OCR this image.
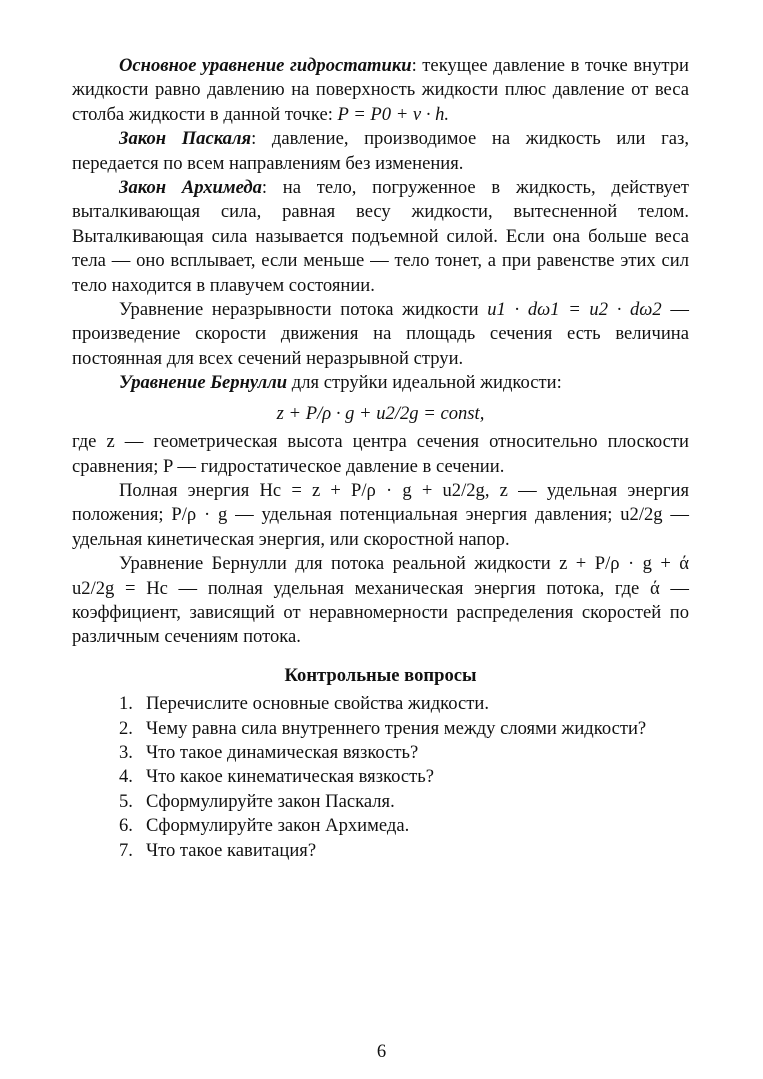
Основное уравнение гидростатики: текущее давление в точке внутри жидкости равно давлению на поверхность жидкости плюс давление от веса столба жидкости в данной точке: P = P0 + ν · h.

Закон Паскаля: давление, производимое на жидкость или газ, передается по всем направлениям без изменения.

Закон Архимеда: на тело, погруженное в жидкость, действует выталкивающая сила, равная весу жидкости, вытесненной телом. Выталкивающая сила называется подъемной силой. Если она больше веса тела — оно всплывает, если меньше — тело тонет, а при равенстве этих сил тело находится в плавучем состоянии.

Уравнение неразрывности потока жидкости u1 · dω1 = u2 · dω2 — произведение скорости движения на площадь сечения есть величина постоянная для всех сечений неразрывной струи.

Уравнение Бернулли для струйки идеальной жидкости:

z + P/ρ · g + u2/2g = const,

где z — геометрическая высота центра сечения относительно плоскости сравнения; P — гидростатическое давление в сечении.

Полная энергия Hc = z + P/ρ · g + u2/2g, z — удельная энергия положения; P/ρ · g — удельная потенциальная энергия давления; u2/2g — удельная кинетическая энергия, или скоростной напор.

Уравнение Бернулли для потока реальной жидкости z + P/ρ · g + ά u2/2g = Hc — полная удельная механическая энергия потока, где ά — коэффициент, зависящий от неравномерности распределения скоростей по различным сечениям потока.

Контрольные вопросы
1. Перечислите основные свойства жидкости.
2. Чему равна сила внутреннего трения между слоями жидкости?
3. Что такое динамическая вязкость?
4. Что какое кинематическая вязкость?
5. Сформулируйте закон Паскаля.
6. Сформулируйте закон Архимеда.
7. Что такое кавитация?
6
